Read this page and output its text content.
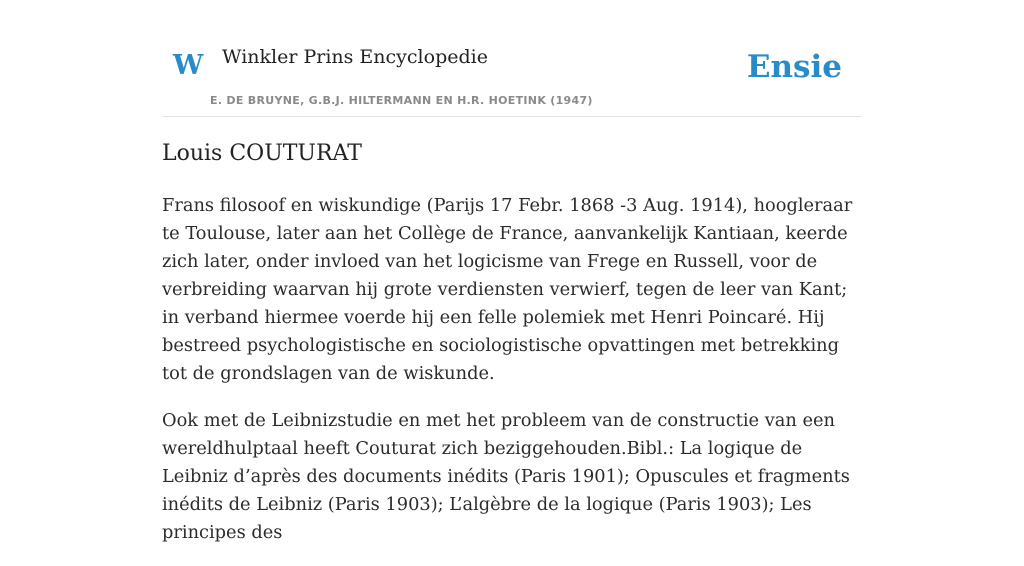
W Winkler Prins Encyclopedie
E. DE BRUYNE, G.B.J. HILTERMANN EN H.R. HOETINK (1947)
Ensie
Louis COUTURAT

Frans filosoof en wiskundige (Parijs 17 Febr. 1868 -3 Aug. 1914), hoogleraar te Toulouse, later aan het Collège de France, aanvankelijk Kantiaan, keerde zich later, onder invloed van het logicisme van Frege en Russell, voor de verbreiding waarvan hij grote verdiensten verwierf, tegen de leer van Kant; in verband hiermee voerde hij een felle polemiek met Henri Poincaré. Hij bestreed psychologistische en sociologistische opvattingen met betrekking tot de grondslagen van de wiskunde.

Ook met de Leibnizstudie en met het probleem van de constructie van een wereldhulptaal heeft Couturat zich beziggehouden.Bibl.: La logique de Leibniz d’après des documents inédits (Paris 1901); Opuscules et fragments inédits de Leibniz (Paris 1903); L’algèbre de la logique (Paris 1903); Les principes des
